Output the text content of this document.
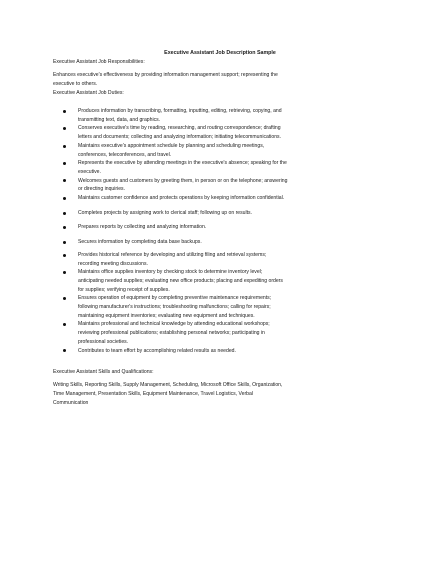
Executive Assistant Job Description Sample
Executive Assistant Job Responsibilities:
Enhances executive's effectiveness by providing information management support; representing the
executive to others.
Executive Assistant Job Duties:
Produces information by transcribing, formatting, inputting, editing, retrieving, copying, and
transmitting text, data, and graphics.
Conserves executive's time by reading, researching, and routing correspondence; drafting
letters and documents; collecting and analyzing information; initiating telecommunications.
Maintains executive's appointment schedule by planning and scheduling meetings,
conferences, teleconferences, and travel.
Represents the executive by attending meetings in the executive's absence; speaking for the
executive.
Welcomes guests and customers by greeting them, in person or on the telephone; answering
or directing inquiries.
Maintains customer confidence and protects operations by keeping information confidential.
Completes projects by assigning work to clerical staff; following up on results.
Prepares reports by collecting and analyzing information.
Secures information by completing data base backups.
Provides historical reference by developing and utilizing filing and retrieval systems;
recording meeting discussions.
Maintains office supplies inventory by checking stock to determine inventory level;
anticipating needed supplies; evaluating new office products; placing and expediting orders
for supplies; verifying receipt of supplies.
Ensures operation of equipment by completing preventive maintenance requirements;
following manufacturer's instructions; troubleshooting malfunctions; calling for repairs;
maintaining equipment inventories; evaluating new equipment and techniques.
Maintains professional and technical knowledge by attending educational workshops;
reviewing professional publications; establishing personal networks; participating in
professional societies.
Contributes to team effort by accomplishing related results as needed.
Executive Assistant Skills and Qualifications:
Writing Skills, Reporting Skills, Supply Management, Scheduling, Microsoft Office Skills, Organization,
Time Management, Presentation Skills, Equipment Maintenance, Travel Logistics, Verbal
Communication
